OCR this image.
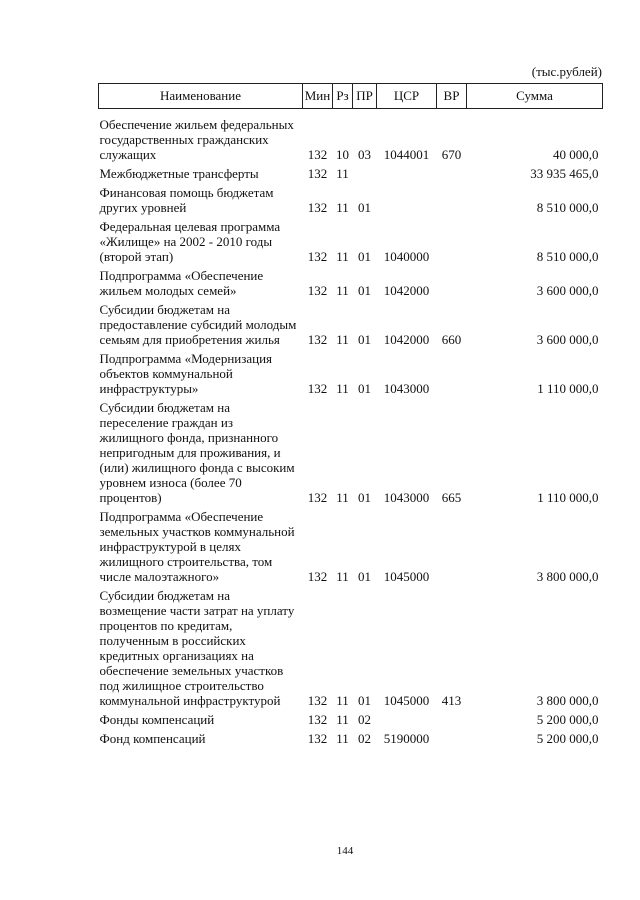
(тыс.рублей)
Наименование	Мин	Рз	ПР	ЦСР	ВР	Сумма
Обеспечение жильем федеральных государственных гражданских служащих	132	10	03	1044001	670	40 000,0
Межбюджетные трансферты	132	11				33 935 465,0
Финансовая помощь бюджетам других уровней	132	11	01			8 510 000,0
Федеральная целевая программа «Жилище» на 2002 - 2010 годы (второй этап)	132	11	01	1040000		8 510 000,0
Подпрограмма «Обеспечение жильем молодых семей»	132	11	01	1042000		3 600 000,0
Субсидии бюджетам на предоставление субсидий молодым семьям для приобретения жилья	132	11	01	1042000	660	3 600 000,0
Подпрограмма «Модернизация объектов коммунальной инфраструктуры»	132	11	01	1043000		1 110 000,0
Субсидии бюджетам на переселение граждан из жилищного фонда, признанного непригодным для проживания, и (или) жилищного фонда с высоким уровнем износа (более 70 процентов)	132	11	01	1043000	665	1 110 000,0
Подпрограмма «Обеспечение земельных участков коммунальной инфраструктурой в целях жилищного строительства, том числе малоэтажного»	132	11	01	1045000		3 800 000,0
Субсидии бюджетам на возмещение части затрат на уплату процентов по кредитам, полученным в российских кредитных организациях на обеспечение земельных участков под жилищное строительство коммунальной инфраструктурой	132	11	01	1045000	413	3 800 000,0
Фонды компенсаций	132	11	02			5 200 000,0
Фонд компенсаций	132	11	02	5190000		5 200 000,0
144
